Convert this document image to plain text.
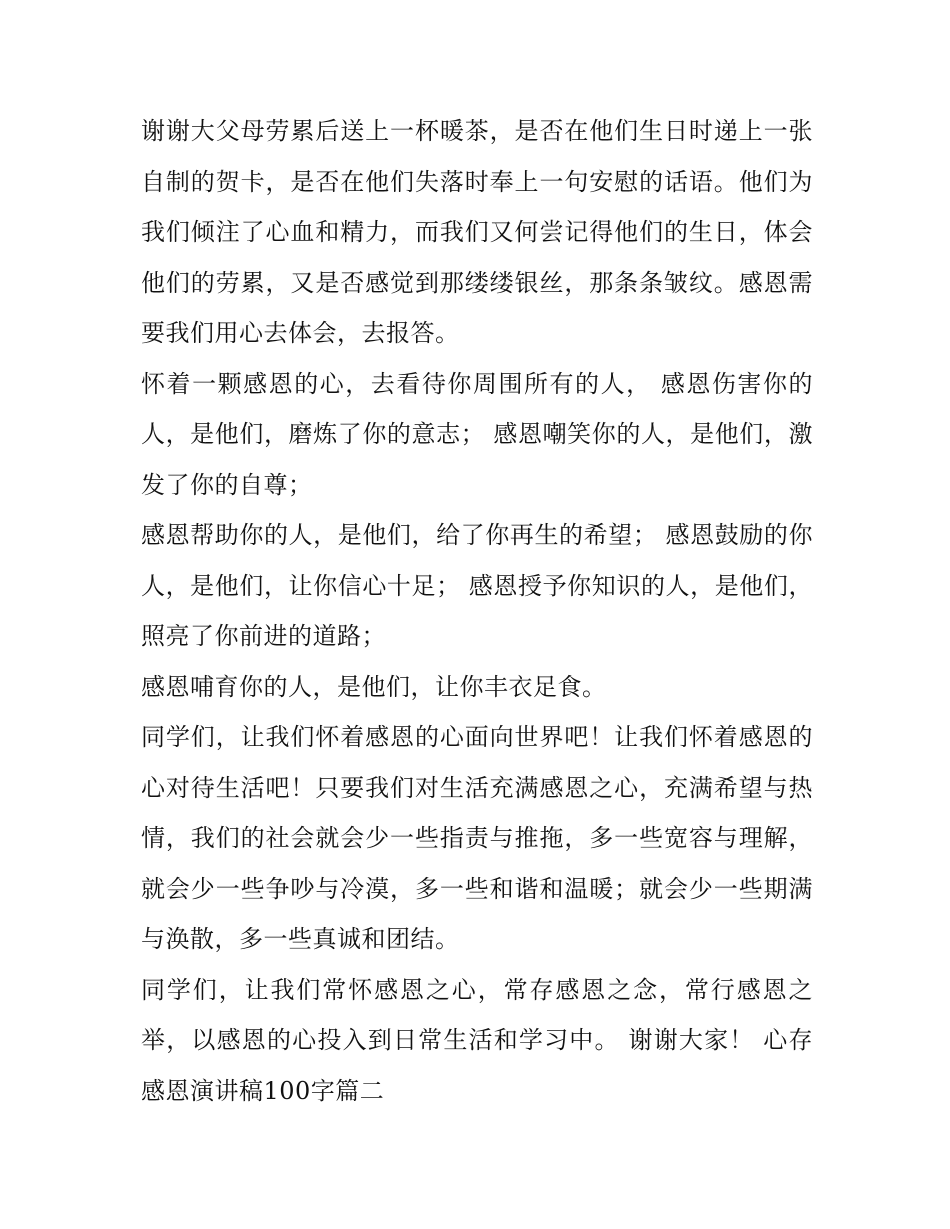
谢谢大父母劳累后送上一杯暖茶，是否在他们生日时递上一张自制的贺卡，是否在他们失落时奉上一句安慰的话语。他们为我们倾注了心血和精力，而我们又何尝记得他们的生日，体会他们的劳累，又是否感觉到那缕缕银丝，那条条皱纹。感恩需要我们用心去体会，去报答。

怀着一颗感恩的心，去看待你周围所有的人， 感恩伤害你的人，是他们，磨炼了你的意志； 感恩嘲笑你的人，是他们，激发了你的自尊；

感恩帮助你的人，是他们，给了你再生的希望； 感恩鼓励的你人，是他们，让你信心十足； 感恩授予你知识的人，是他们，照亮了你前进的道路；

感恩哺育你的人，是他们，让你丰衣足食。

同学们，让我们怀着感恩的心面向世界吧！让我们怀着感恩的心对待生活吧！只要我们对生活充满感恩之心，充满希望与热情，我们的社会就会少一些指责与推拖，多一些宽容与理解，就会少一些争吵与冷漠，多一些和谐和温暖；就会少一些期满与涣散，多一些真诚和团结。

同学们，让我们常怀感恩之心，常存感恩之念，常行感恩之举，以感恩的心投入到日常生活和学习中。 谢谢大家！ 心存感恩演讲稿100字篇二
